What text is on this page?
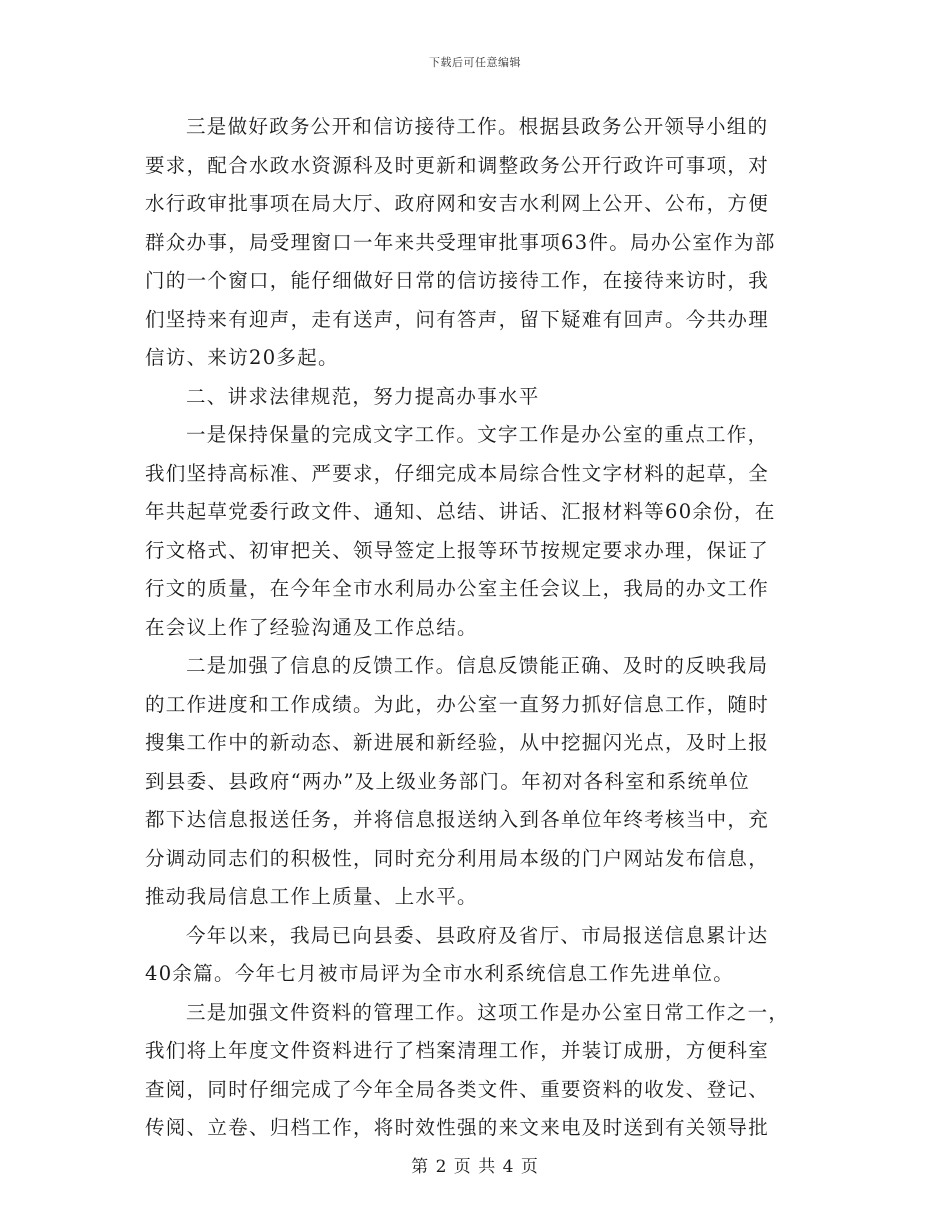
下载后可任意编辑
三是做好政务公开和信访接待工作。根据县政务公开领导小组的
要求，配合水政水资源科及时更新和调整政务公开行政许可事项，对
水行政审批事项在局大厅、政府网和安吉水利网上公开、公布，方便
群众办事，局受理窗口一年来共受理审批事项63件。局办公室作为部
门的一个窗口，能仔细做好日常的信访接待工作，在接待来访时，我
们坚持来有迎声，走有送声，问有答声，留下疑难有回声。今共办理
信访、来访20多起。
二、讲求法律规范，努力提高办事水平
一是保持保量的完成文字工作。文字工作是办公室的重点工作，
我们坚持高标准、严要求，仔细完成本局综合性文字材料的起草，全
年共起草党委行政文件、通知、总结、讲话、汇报材料等60余份，在
行文格式、初审把关、领导签定上报等环节按规定要求办理，保证了
行文的质量，在今年全市水利局办公室主任会议上，我局的办文工作
在会议上作了经验沟通及工作总结。
二是加强了信息的反馈工作。信息反馈能正确、及时的反映我局
的工作进度和工作成绩。为此，办公室一直努力抓好信息工作，随时
搜集工作中的新动态、新进展和新经验，从中挖掘闪光点，及时上报
到县委、县政府“两办”及上级业务部门。年初对各科室和系统单位
都下达信息报送任务，并将信息报送纳入到各单位年终考核当中，充
分调动同志们的积极性，同时充分利用局本级的门户网站发布信息，
推动我局信息工作上质量、上水平。
今年以来，我局已向县委、县政府及省厅、市局报送信息累计达
40余篇。今年七月被市局评为全市水利系统信息工作先进单位。
三是加强文件资料的管理工作。这项工作是办公室日常工作之一，
我们将上年度文件资料进行了档案清理工作，并装订成册，方便科室
查阅，同时仔细完成了今年全局各类文件、重要资料的收发、登记、
传阅、立卷、归档工作，将时效性强的来文来电及时送到有关领导批
第 2 页 共 4 页
